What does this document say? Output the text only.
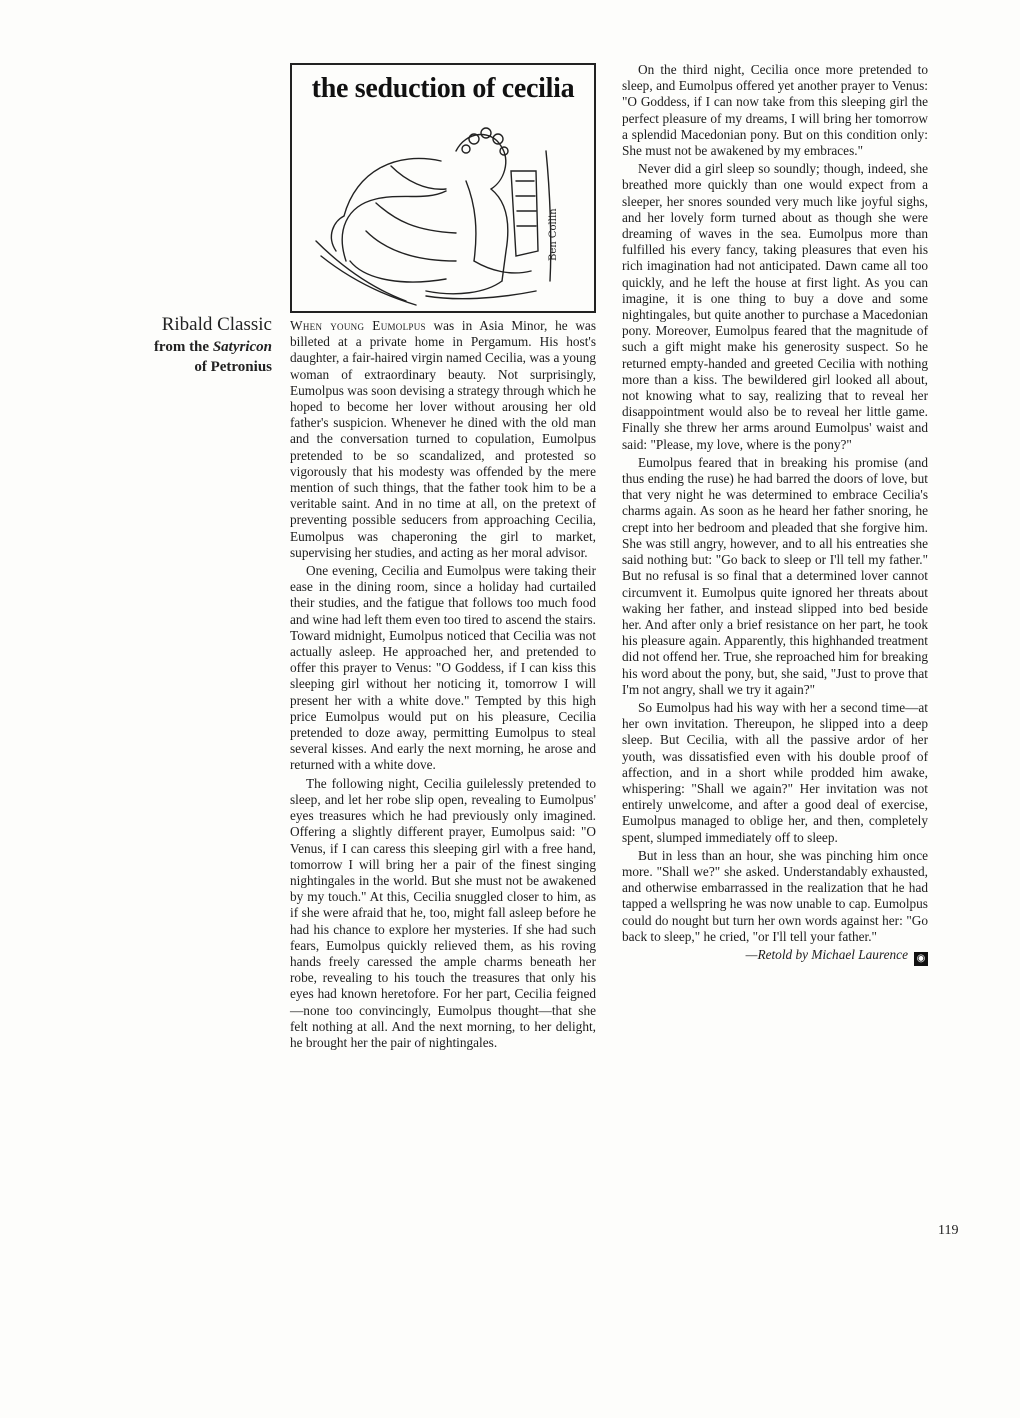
the seduction of cecilia
Ben Collin
Ribald Classic
from the Satyricon
of Petronius

When young Eumolpus was in Asia Minor, he was billeted at a private home in Pergamum. His host's daughter, a fair-haired virgin named Cecilia, was a young woman of extraordinary beauty. Not surprisingly, Eumolpus was soon devising a strategy through which he hoped to become her lover without arousing her old father's suspicion. Whenever he dined with the old man and the conversation turned to copulation, Eumolpus pretended to be so scandalized, and protested so vigorously that his modesty was offended by the mere mention of such things, that the father took him to be a veritable saint. And in no time at all, on the pretext of preventing possible seducers from approaching Cecilia, Eumolpus was chaperoning the girl to market, supervising her studies, and acting as her moral advisor.

One evening, Cecilia and Eumolpus were taking their ease in the dining room, since a holiday had curtailed their studies, and the fatigue that follows too much food and wine had left them even too tired to ascend the stairs. Toward midnight, Eumolpus noticed that Cecilia was not actually asleep. He approached her, and pretended to offer this prayer to Venus: "O Goddess, if I can kiss this sleeping girl without her noticing it, tomorrow I will present her with a white dove." Tempted by this high price Eumolpus would put on his pleasure, Cecilia pretended to doze away, permitting Eumolpus to steal several kisses. And early the next morning, he arose and returned with a white dove.

The following night, Cecilia guilelessly pretended to sleep, and let her robe slip open, revealing to Eumolpus' eyes treasures which he had previously only imagined. Offering a slightly different prayer, Eumolpus said: "O Venus, if I can caress this sleeping girl with a free hand, tomorrow I will bring her a pair of the finest singing nightingales in the world. But she must not be awakened by my touch." At this, Cecilia snuggled closer to him, as if she were afraid that he, too, might fall asleep before he had his chance to explore her mysteries. If she had such fears, Eumolpus quickly relieved them, as his roving hands freely caressed the ample charms beneath her robe, revealing to his touch the treasures that only his eyes had known heretofore. For her part, Cecilia feigned—none too convincingly, Eumolpus thought—that she felt nothing at all. And the next morning, to her delight, he brought her the pair of nightingales.

On the third night, Cecilia once more pretended to sleep, and Eumolpus offered yet another prayer to Venus: "O Goddess, if I can now take from this sleeping girl the perfect pleasure of my dreams, I will bring her tomorrow a splendid Macedonian pony. But on this condition only: She must not be awakened by my embraces."

Never did a girl sleep so soundly; though, indeed, she breathed more quickly than one would expect from a sleeper, her snores sounded very much like joyful sighs, and her lovely form turned about as though she were dreaming of waves in the sea. Eumolpus more than fulfilled his every fancy, taking pleasures that even his rich imagination had not anticipated. Dawn came all too quickly, and he left the house at first light. As you can imagine, it is one thing to buy a dove and some nightingales, but quite another to purchase a Macedonian pony. Moreover, Eumolpus feared that the magnitude of such a gift might make his generosity suspect. So he returned empty-handed and greeted Cecilia with nothing more than a kiss. The bewildered girl looked all about, not knowing what to say, realizing that to reveal her disappointment would also be to reveal her little game. Finally she threw her arms around Eumolpus' waist and said: "Please, my love, where is the pony?"

Eumolpus feared that in breaking his promise (and thus ending the ruse) he had barred the doors of love, but that very night he was determined to embrace Cecilia's charms again. As soon as he heard her father snoring, he crept into her bedroom and pleaded that she forgive him. She was still angry, however, and to all his entreaties she said nothing but: "Go back to sleep or I'll tell my father." But no refusal is so final that a determined lover cannot circumvent it. Eumolpus quite ignored her threats about waking her father, and instead slipped into bed beside her. And after only a brief resistance on her part, he took his pleasure again. Apparently, this highhanded treatment did not offend her. True, she reproached him for breaking his word about the pony, but, she said, "Just to prove that I'm not angry, shall we try it again?"

So Eumolpus had his way with her a second time—at her own invitation. Thereupon, he slipped into a deep sleep. But Cecilia, with all the passive ardor of her youth, was dissatisfied even with his double proof of affection, and in a short while prodded him awake, whispering: "Shall we again?" Her invitation was not entirely unwelcome, and after a good deal of exercise, Eumolpus managed to oblige her, and then, completely spent, slumped immediately off to sleep.

But in less than an hour, she was pinching him once more. "Shall we?" she asked. Understandably exhausted, and otherwise embarrassed in the realization that he had tapped a wellspring he was now unable to cap. Eumolpus could do nought but turn her own words against her: "Go back to sleep," he cried, "or I'll tell your father."

—Retold by Michael Laurence ◉
119
